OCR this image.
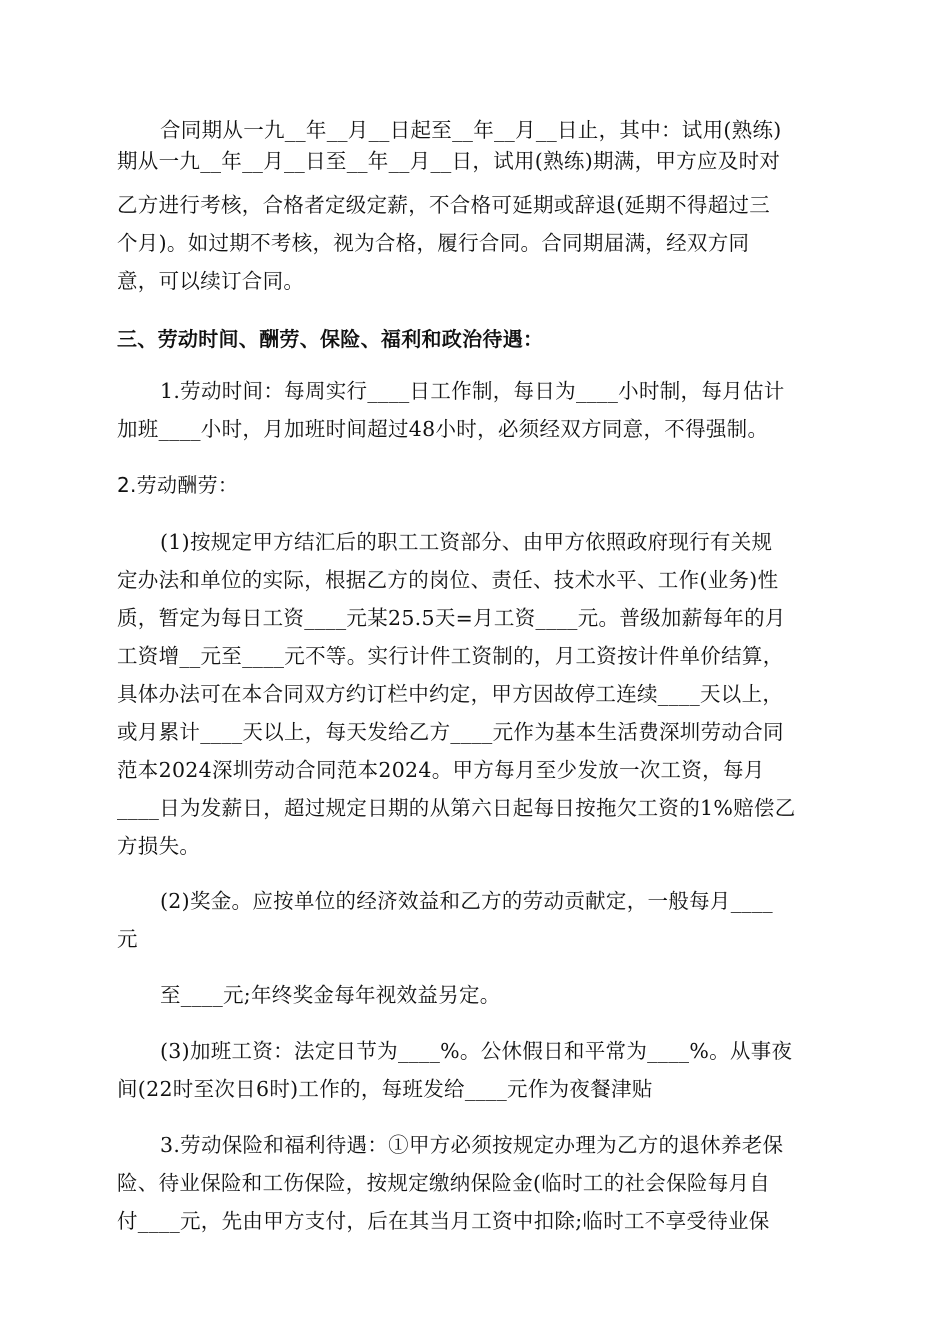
合同期从一九__年__月__日起至__年__月__日止，其中：试用(熟练)
期从一九__年__月__日至__年__月__日，试用(熟练)期满，甲方应及时对
乙方进行考核，合格者定级定薪，不合格可延期或辞退(延期不得超过三
个月)。如过期不考核，视为合格，履行合同。合同期届满，经双方同
意，可以续订合同。
三、劳动时间、酬劳、保险、福利和政治待遇：
1.劳动时间：每周实行____日工作制，每日为____小时制，每月估计
加班____小时，月加班时间超过48小时，必须经双方同意，不得强制。
2.劳动酬劳：
(1)按规定甲方结汇后的职工工资部分、由甲方依照政府现行有关规
定办法和单位的实际，根据乙方的岗位、责任、技术水平、工作(业务)性
质，暂定为每日工资____元某25.5天=月工资____元。普级加薪每年的月
工资增__元至____元不等。实行计件工资制的，月工资按计件单价结算，
具体办法可在本合同双方约订栏中约定，甲方因故停工连续____天以上，
或月累计____天以上，每天发给乙方____元作为基本生活费深圳劳动合同
范本2024深圳劳动合同范本2024。甲方每月至少发放一次工资，每月
____日为发薪日，超过规定日期的从第六日起每日按拖欠工资的1%赔偿乙
方损失。
(2)奖金。应按单位的经济效益和乙方的劳动贡献定，一般每月____
元
至____元;年终奖金每年视效益另定。
(3)加班工资：法定日节为____%。公休假日和平常为____%。从事夜
间(22时至次日6时)工作的，每班发给____元作为夜餐津贴
3.劳动保险和福利待遇：①甲方必须按规定办理为乙方的退休养老保
险、待业保险和工伤保险，按规定缴纳保险金(临时工的社会保险每月自
付____元，先由甲方支付，后在其当月工资中扣除;临时工不享受待业保
